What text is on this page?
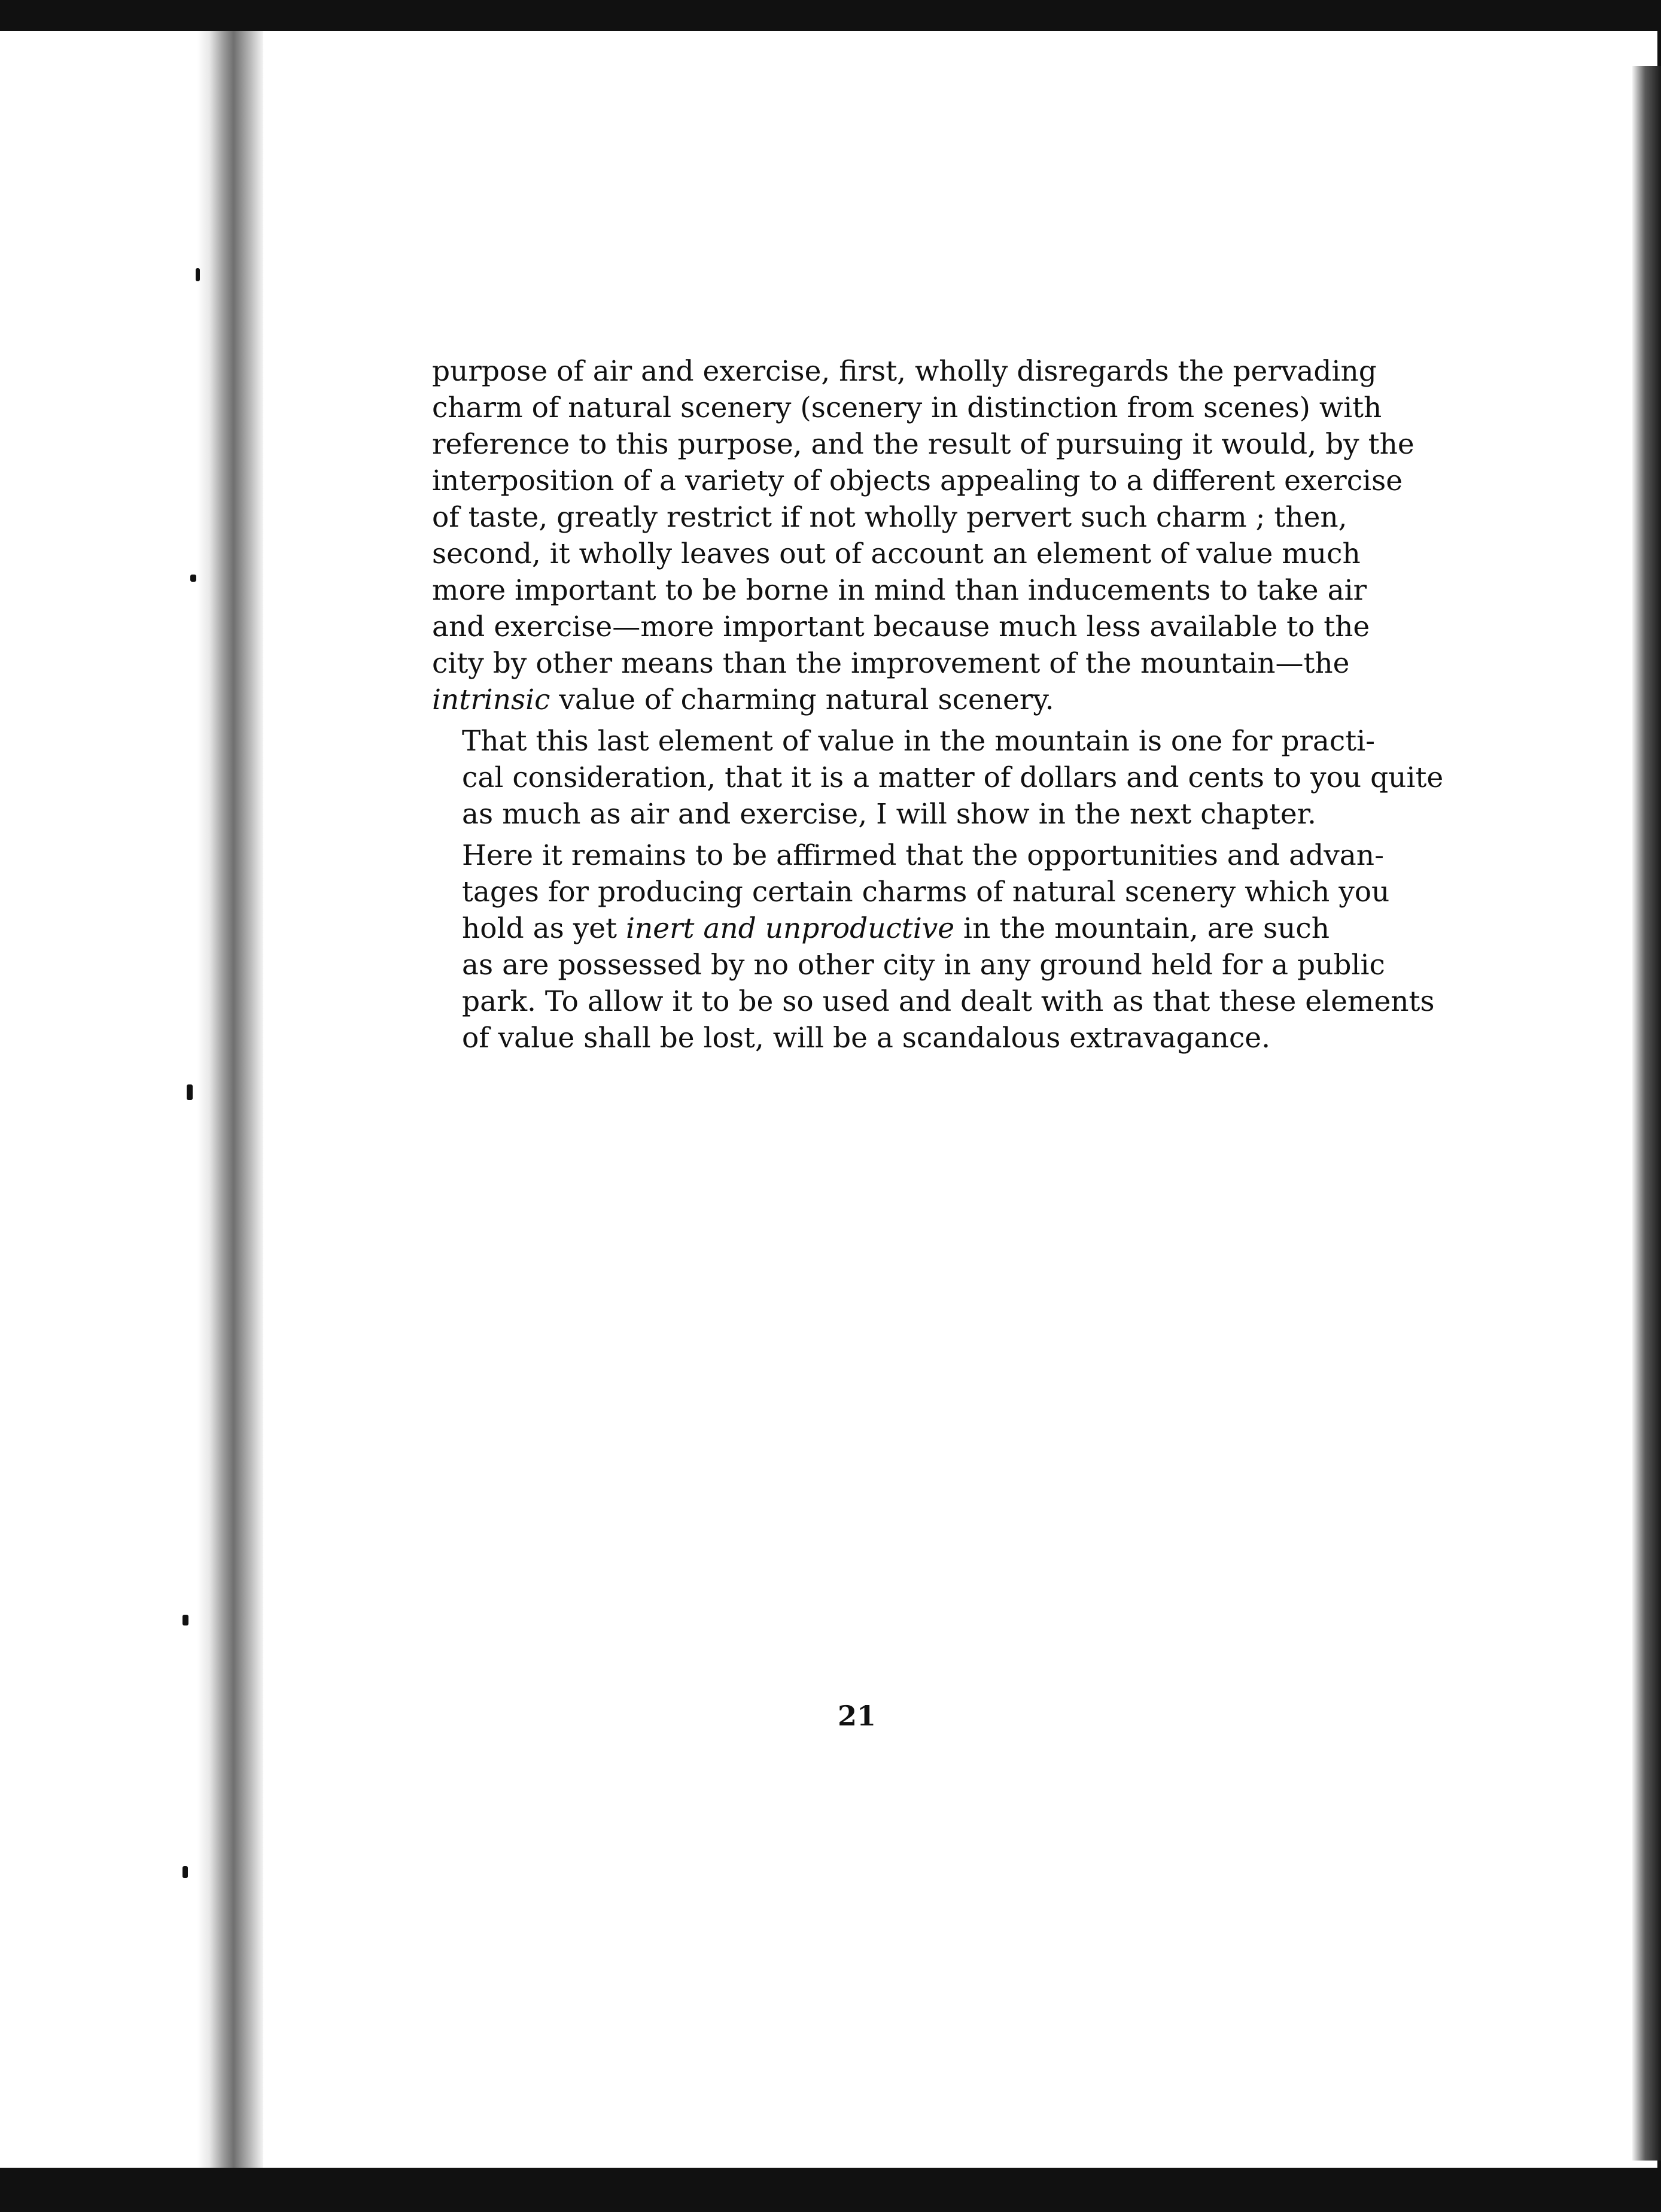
purpose of air and exercise, first, wholly disregards the pervading
charm of natural scenery (scenery in distinction from scenes) with
reference to this purpose, and the result of pursuing it would, by the
interposition of a variety of objects appealing to a different exercise
of taste, greatly restrict if not wholly pervert such charm ; then,
second, it wholly leaves out of account an element of value much
more important to be borne in mind than inducements to take air
and exercise—more important because much less available to the
city by other means than the improvement of the mountain—the
intrinsic value of charming natural scenery.

That this last element of value in the mountain is one for practi-
cal consideration, that it is a matter of dollars and cents to you quite
as much as air and exercise, I will show in the next chapter.

Here it remains to be affirmed that the opportunities and advan-
tages for producing certain charms of natural scenery which you
hold as yet inert and unproductive in the mountain, are such
as are possessed by no other city in any ground held for a public
park. To allow it to be so used and dealt with as that these elements
of value shall be lost, will be a scandalous extravagance.

21
